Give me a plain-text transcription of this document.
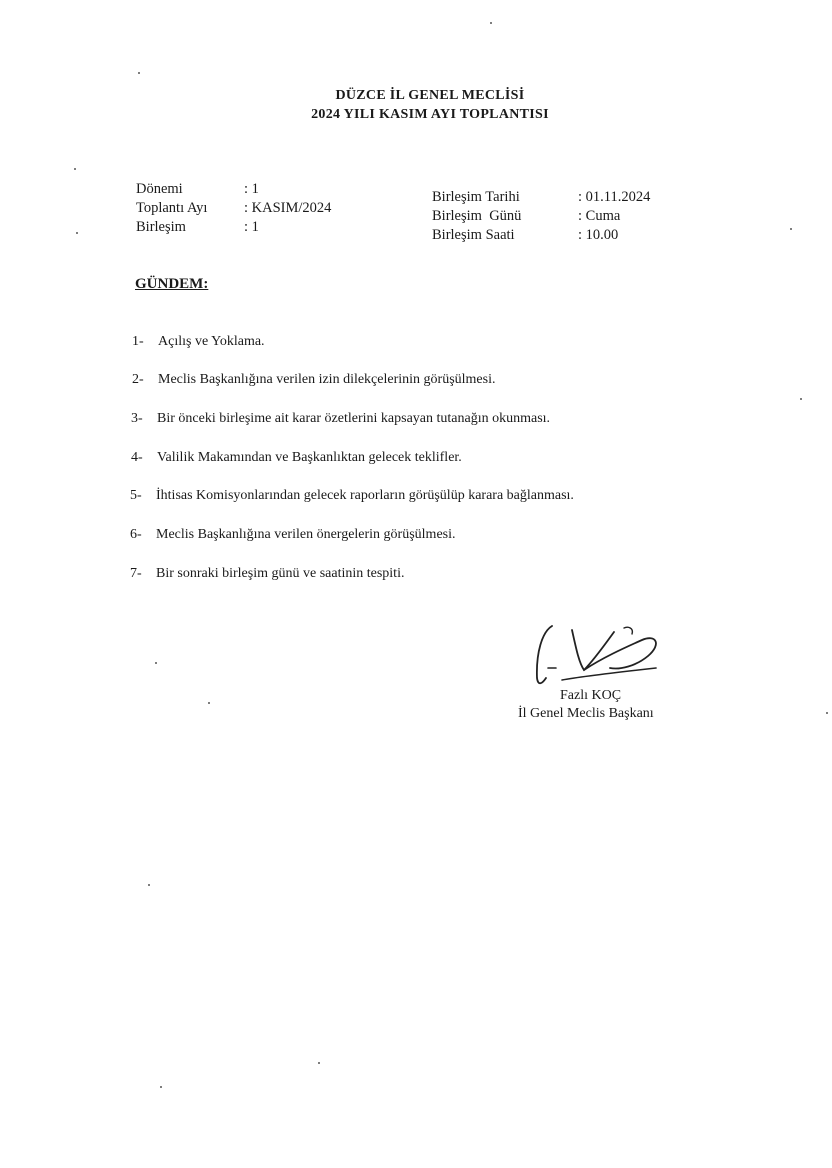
DÜZCE İL GENEL MECLİSİ
2024 YILI KASIM AYI TOPLANTISI
Dönemi	: 1
Toplantı Ayı	: KASIM/2024
Birleşim	: 1
Birleşim Tarihi	: 01.11.2024
Birleşim  Günü	: Cuma
Birleşim Saati	: 10.00
GÜNDEM:
1-	Açılış ve Yoklama.
2-	Meclis Başkanlığına verilen izin dilekçelerinin görüşülmesi.
3-	Bir önceki birleşime ait karar özetlerini kapsayan tutanağın okunması.
4-	Valilik Makamından ve Başkanlıktan gelecek teklifler.
5-	İhtisas Komisyonlarından gelecek raporların görüşülüp karara bağlanması.
6-	Meclis Başkanlığına verilen önergelerin görüşülmesi.
7-	Bir sonraki birleşim günü ve saatinin tespiti.
Fazlı KOÇ
İl Genel Meclis Başkanı
